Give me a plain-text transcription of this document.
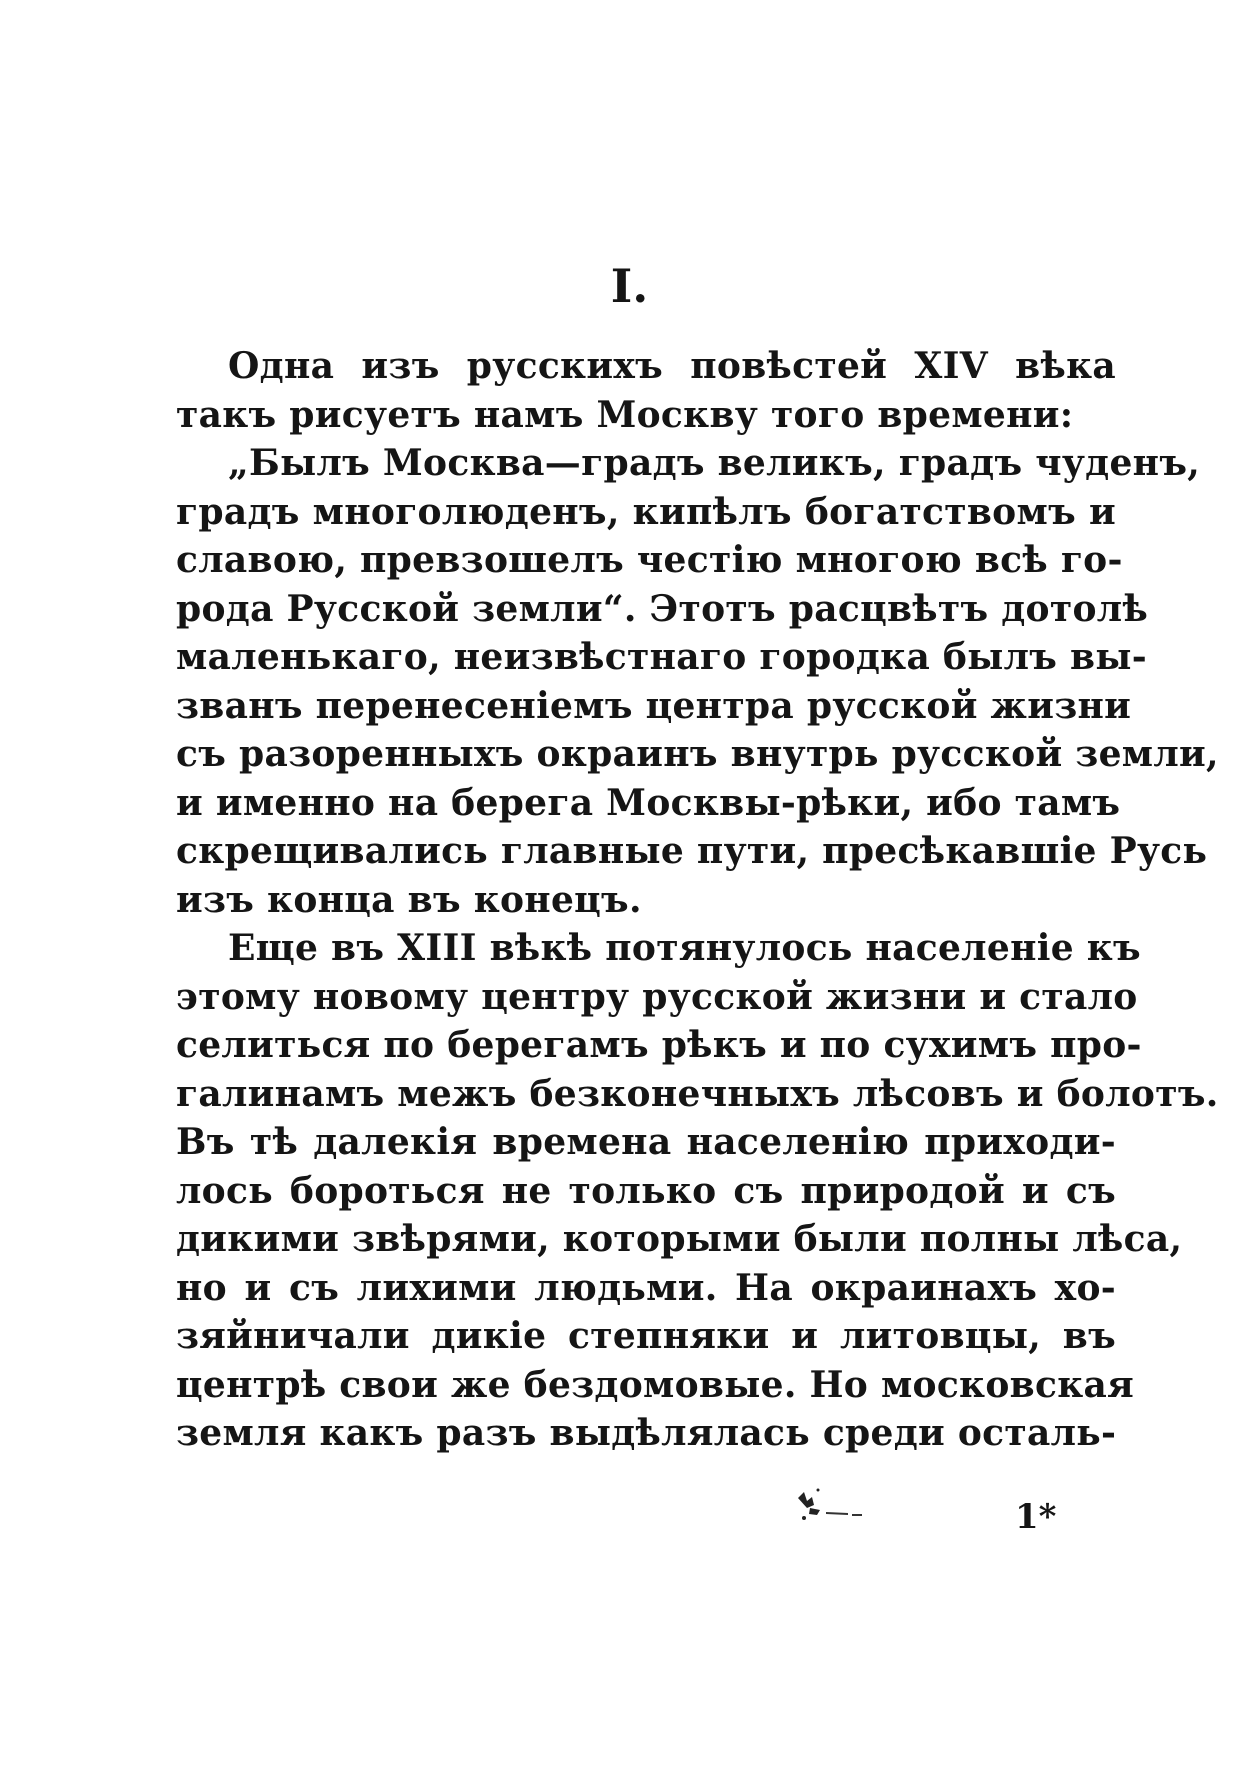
I.
Одна изъ русскихъ повѣстей XIV вѣка
такъ рисуетъ намъ Москву того времени:
„Былъ Москва—градъ великъ, градъ чуденъ,
градъ многолюденъ, кипѣлъ богатствомъ и
славою, превзошелъ честію многою всѣ го-
рода Русской земли“. Этотъ расцвѣтъ дотолѣ
маленькаго, неизвѣстнаго городка былъ вы-
званъ перенесеніемъ центра русской жизни
съ разоренныхъ окраинъ внутрь русской земли,
и именно на берега Москвы-рѣки, ибо тамъ
скрещивались главные пути, пресѣкавшіе Русь
изъ конца въ конецъ.
Еще въ XIII вѣкѣ потянулось населеніе къ
этому новому центру русской жизни и стало
селиться по берегамъ рѣкъ и по сухимъ про-
галинамъ межъ безконечныхъ лѣсовъ и болотъ.
Въ тѣ далекія времена населенію приходи-
лось бороться не только съ природой и съ
дикими звѣрями, которыми были полны лѣса,
но и съ лихими людьми. На окраинахъ хо-
зяйничали дикіе степняки и литовцы, въ
центрѣ свои же бездомовые. Но московская
земля какъ разъ выдѣлялась среди осталь-
1*
